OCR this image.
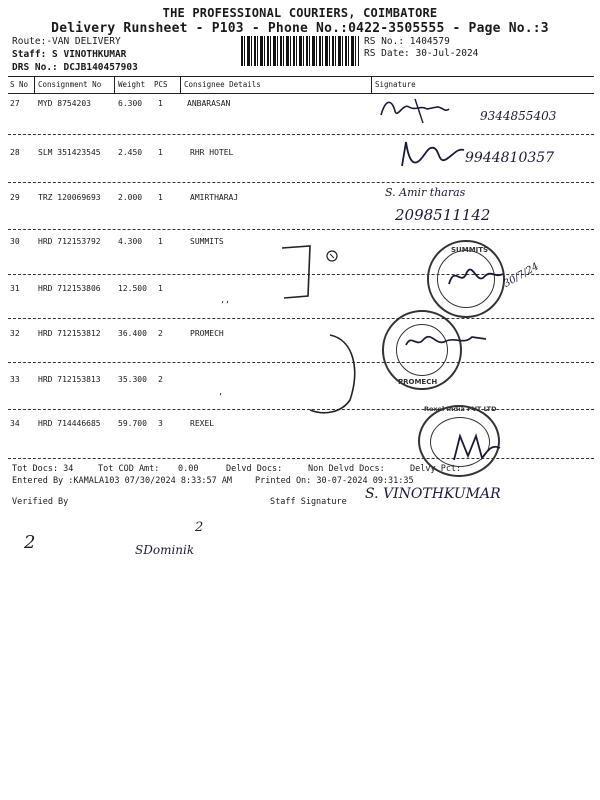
THE PROFESSIONAL COURIERS, COIMBATORE
Delivery Runsheet - P103 - Phone No.:0422-3505555 - Page No.:3
Route:-VAN DELIVERY
Staff: S VINOTHKUMAR
DRS No.: DCJB140457903
RS No.: 1404579
RS Date: 30-Jul-2024
S No Consignment No Weight PCS Consignee Details	Signature
27 MYD 8754203	6.300 1	ANBARASAN
28 SLM 351423545 2.450 1	RHR HOTEL
29 TRZ 120069693 2.000 1	AMIRTHARAJ
30 HRD 712153792 4.300 1	SUMMITS
31 HRD 712153806 12.500 1
32 HRD 712153812 36.400 2	PROMECH
33 HRD 712153813 35.300 2
34 HRD 714446685 59.700 3	REXEL
Tot Docs: 34	Tot COD Amt: 0.00	Delvd Docs:	Non Delvd Docs:	Delvy Pct:
Entered By :KAMALA103 07/30/2024 8:33:57 AM	Printed On: 30-07-2024 09:31:35
Verified By	Staff Signature
9344855403
9944810357
S. Amir tharas
2098511142
’’
’
SUMMITS
30/7/24
PROMECH
Rexel India PVT LTD
S. VINOTHKUMAR
2
2
SDominik
